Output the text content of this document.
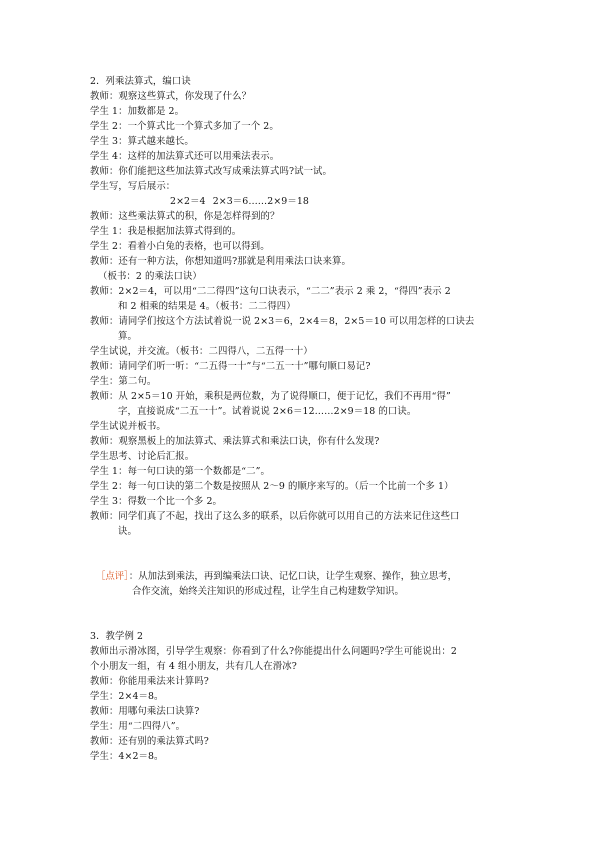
2．列乘法算式，编口诀
教师：观察这些算式，你发现了什么？
学生 1：加数都是 2。
学生 2：一个算式比一个算式多加了一个 2。
学生 3：算式越来越长。
学生 4：这样的加法算式还可以用乘法表示。
教师：你们能把这些加法算式改写成乘法算式吗?试一试。
学生写，写后展示：
2×2＝4 2×3＝6……2×9＝18
教师：这些乘法算式的积，你是怎样得到的？
学生 1：我是根据加法算式得到的。
学生 2：看着小白兔的表格，也可以得到。
教师：还有一种方法，你想知道吗?那就是利用乘法口诀来算。
（板书：2 的乘法口诀）
教师：2×2＝4，可以用“二二得四”这句口诀表示，“二二”表示 2 乘 2，“得四”表示 2
和 2 相乘的结果是 4。（板书：二二得四）
教师：请同学们按这个方法试着说一说 2×3＝6，2×4＝8，2×5＝10 可以用怎样的口诀去
算。
学生试说，并交流。（板书：二四得八，二五得一十）
教师：请同学们听一听：“二五得一十”与“二五一十”哪句顺口易记?
学生：第二句。
教师：从 2×5＝10 开始，乘积是两位数，为了说得顺口，便于记忆，我们不再用“得”
字，直接说成“二五一十”。试着说说 2×6＝12……2×9＝18 的口诀。
学生试说并板书。
教师：观察黑板上的加法算式、乘法算式和乘法口诀，你有什么发现?
学生思考、讨论后汇报。
学生 1：每一句口诀的第一个数都是“二”。
学生 2：每一句口诀的第二个数是按照从 2～9 的顺序来写的。（后一个比前一个多 1）
学生 3：得数一个比一个多 2。
教师：同学们真了不起，找出了这么多的联系，以后你就可以用自己的方法来记住这些口
诀。
［点评］：从加法到乘法，再到编乘法口诀、记忆口诀，让学生观察、操作，独立思考，
合作交流，始终关注知识的形成过程，让学生自己构建数学知识。
3．教学例 2
教师出示滑冰图，引导学生观察：你看到了什么?你能提出什么问题吗?学生可能说出：2
个小朋友一组，有 4 组小朋友，共有几人在滑冰?
教师：你能用乘法来计算吗?
学生：2×4＝8。
教师：用哪句乘法口诀算?
学生：用“二四得八”。
教师：还有别的乘法算式吗?
学生：4×2＝8。
